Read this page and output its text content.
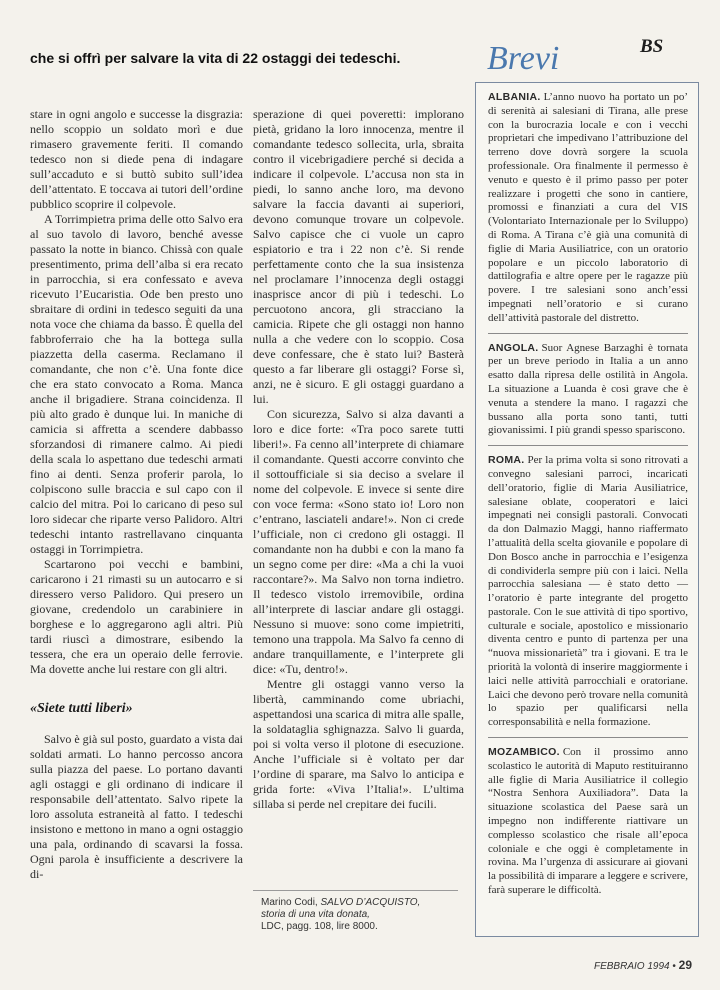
che si offrì per salvare la vita di 22 ostaggi dei tedeschi.	Brevi	BS

stare in ogni angolo e successe la disgrazia: nello scoppio un soldato morì e due rimasero gravemente feriti. Il comando tedesco non si diede pena di indagare sull’accaduto e si buttò subito sull’idea dell’attentato. E toccava ai tutori dell’ordine pubblico scoprire il colpevole.

A Torrimpietra prima delle otto Salvo era al suo tavolo di lavoro, benché avesse passato la notte in bianco. Chissà con quale presentimento, prima dell’alba si era recato in parrocchia, si era confessato e aveva ricevuto l’Eucaristia. Ode ben presto uno sbraitare di ordini in tedesco seguiti da una nota voce che chiama da basso. È quella del fabbroferraio che ha la bottega sulla piazzetta della caserma. Reclamano il comandante, che non c’è. Una fonte dice che era stato convocato a Roma. Manca anche il brigadiere. Strana coincidenza. Il più alto grado è dunque lui. In maniche di camicia si affretta a scendere dabbasso sforzandosi di rimanere calmo. Ai piedi della scala lo aspettano due tedeschi armati fino ai denti. Senza proferir parola, lo colpiscono sulle braccia e sul capo con il calcio del mitra. Poi lo caricano di peso sul loro sidecar che riparte verso Palidoro. Altri tedeschi intanto rastrellavano cinquanta ostaggi in Torrimpietra.

Scartarono poi vecchi e bambini, caricarono i 21 rimasti su un autocarro e si diressero verso Palidoro. Qui presero un giovane, credendolo un carabiniere in borghese e lo aggregarono agli altri. Più tardi riuscì a dimostrare, esibendo la tessera, che era un operaio delle ferrovie. Ma dovette anche lui restare con gli altri.

«Siete tutti liberi»

Salvo è già sul posto, guardato a vista dai soldati armati. Lo hanno percosso ancora sulla piazza del paese. Lo portano davanti agli ostaggi e gli ordinano di indicare il responsabile dell’attentato. Salvo ripete la loro assoluta estraneità al fatto. I tedeschi insistono e mettono in mano a ogni ostaggio una pala, ordinando di scavarsi la fossa. Ogni parola è insufficiente a descrivere la di-

sperazione di quei poveretti: implorano pietà, gridano la loro innocenza, mentre il comandante tedesco sollecita, urla, sbraita contro il vicebrigadiere perché si decida a indicare il colpevole. L’accusa non sta in piedi, lo sanno anche loro, ma devono salvare la faccia davanti ai superiori, devono comunque trovare un colpevole. Salvo capisce che ci vuole un capro espiatorio e tra i 22 non c’è. Si rende perfettamente conto che la sua insistenza nel proclamare l’innocenza degli ostaggi inasprisce ancor di più i tedeschi. Lo percuotono ancora, gli stracciano la camicia. Ripete che gli ostaggi non hanno nulla a che vedere con lo scoppio. Cosa deve confessare, che è stato lui? Basterà questo a far liberare gli ostaggi? Forse sì, anzi, ne è sicuro. E gli ostaggi guardano a lui.

Con sicurezza, Salvo si alza davanti a loro e dice forte: «Tra poco sarete tutti liberi!». Fa cenno all’interprete di chiamare il comandante. Questi accorre convinto che il sottoufficiale si sia deciso a svelare il nome del colpevole. E invece si sente dire con voce ferma: «Sono stato io! Loro non c’entrano, lasciateli andare!». Non ci crede l’ufficiale, non ci credono gli ostaggi. Il comandante non ha dubbi e con la mano fa un segno come per dire: «Ma a chi la vuoi raccontare?». Ma Salvo non torna indietro. Il tedesco vistolo irremovibile, ordina all’interprete di lasciar andare gli ostaggi. Nessuno si muove: sono come impietriti, temono una trappola. Ma Salvo fa cenno di andare tranquillamente, e l’interprete gli dice: «Tu, dentro!».

Mentre gli ostaggi vanno verso la libertà, camminando come ubriachi, aspettandosi una scarica di mitra alle spalle, la soldataglia sghignazza. Salvo li guarda, poi si volta verso il plotone di esecuzione. Anche l’ufficiale si è voltato per dar l’ordine di sparare, ma Salvo lo anticipa e grida forte: «Viva l’Italia!». L’ultima sillaba si perde nel crepitare dei fucili.

Marino Codi, SALVO D’ACQUISTO,
storia di una vita donata,
LDC, pagg. 108, lire 8000.
ALBANIA. L’anno nuovo ha portato un po’ di serenità ai salesiani di Tirana, alle prese con la burocrazia locale e con i vecchi proprietari che impedivano l’attribuzione del terreno dove dovrà sorgere la scuola professionale. Ora finalmente il permesso è venuto e questo è il primo passo per poter realizzare i progetti che sono in cantiere, promossi e finanziati a cura del VIS (Volontariato Internazionale per lo Sviluppo) di Roma. A Tirana c’è già una comunità di figlie di Maria Ausiliatrice, con un oratorio popolare e un piccolo laboratorio di dattilografia e altre opere per le ragazze più povere. I tre salesiani sono anch’essi impegnati nell’oratorio e si curano dell’attività pastorale del distretto.
ANGOLA. Suor Agnese Barzaghi è tornata per un breve periodo in Italia a un anno esatto dalla ripresa delle ostilità in Angola. La situazione a Luanda è così grave che è venuta a stendere la mano. I ragazzi che bussano alla porta sono tanti, tutti giovanissimi. I più grandi spesso spariscono.
ROMA. Per la prima volta si sono ritrovati a convegno salesiani parroci, incaricati dell’oratorio, figlie di Maria Ausiliatrice, salesiane oblate, cooperatori e laici impegnati nei consigli pastorali. Convocati da don Dalmazio Maggi, hanno riaffermato l’attualità della scelta giovanile e popolare di Don Bosco anche in parrocchia e l’esigenza di condividerla sempre più con i laici. Nella parrocchia salesiana — è stato detto — l’oratorio è parte integrante del progetto pastorale. Con le sue attività di tipo sportivo, culturale e sociale, apostolico e missionario diventa centro e punto di partenza per una “nuova missionarietà” tra i giovani. E tra le priorità la volontà di inserire maggiormente i laici nelle attività parrocchiali e oratoriane. Laici che devono però trovare nella comunità lo spazio per qualificarsi nella corresponsabilità e nella formazione.
MOZAMBICO. Con il prossimo anno scolastico le autorità di Maputo restituiranno alle figlie di Maria Ausiliatrice il collegio “Nostra Senhora Auxiliadora”. Data la situazione scolastica del Paese sarà un impegno non indifferente riattivare un complesso scolastico che risale all’epoca coloniale e che oggi è completamente in rovina. Ma l’urgenza di assicurare ai giovani la possibilità di imparare a leggere e scrivere, farà superare le difficoltà.
FEBBRAIO 1994 • 29
